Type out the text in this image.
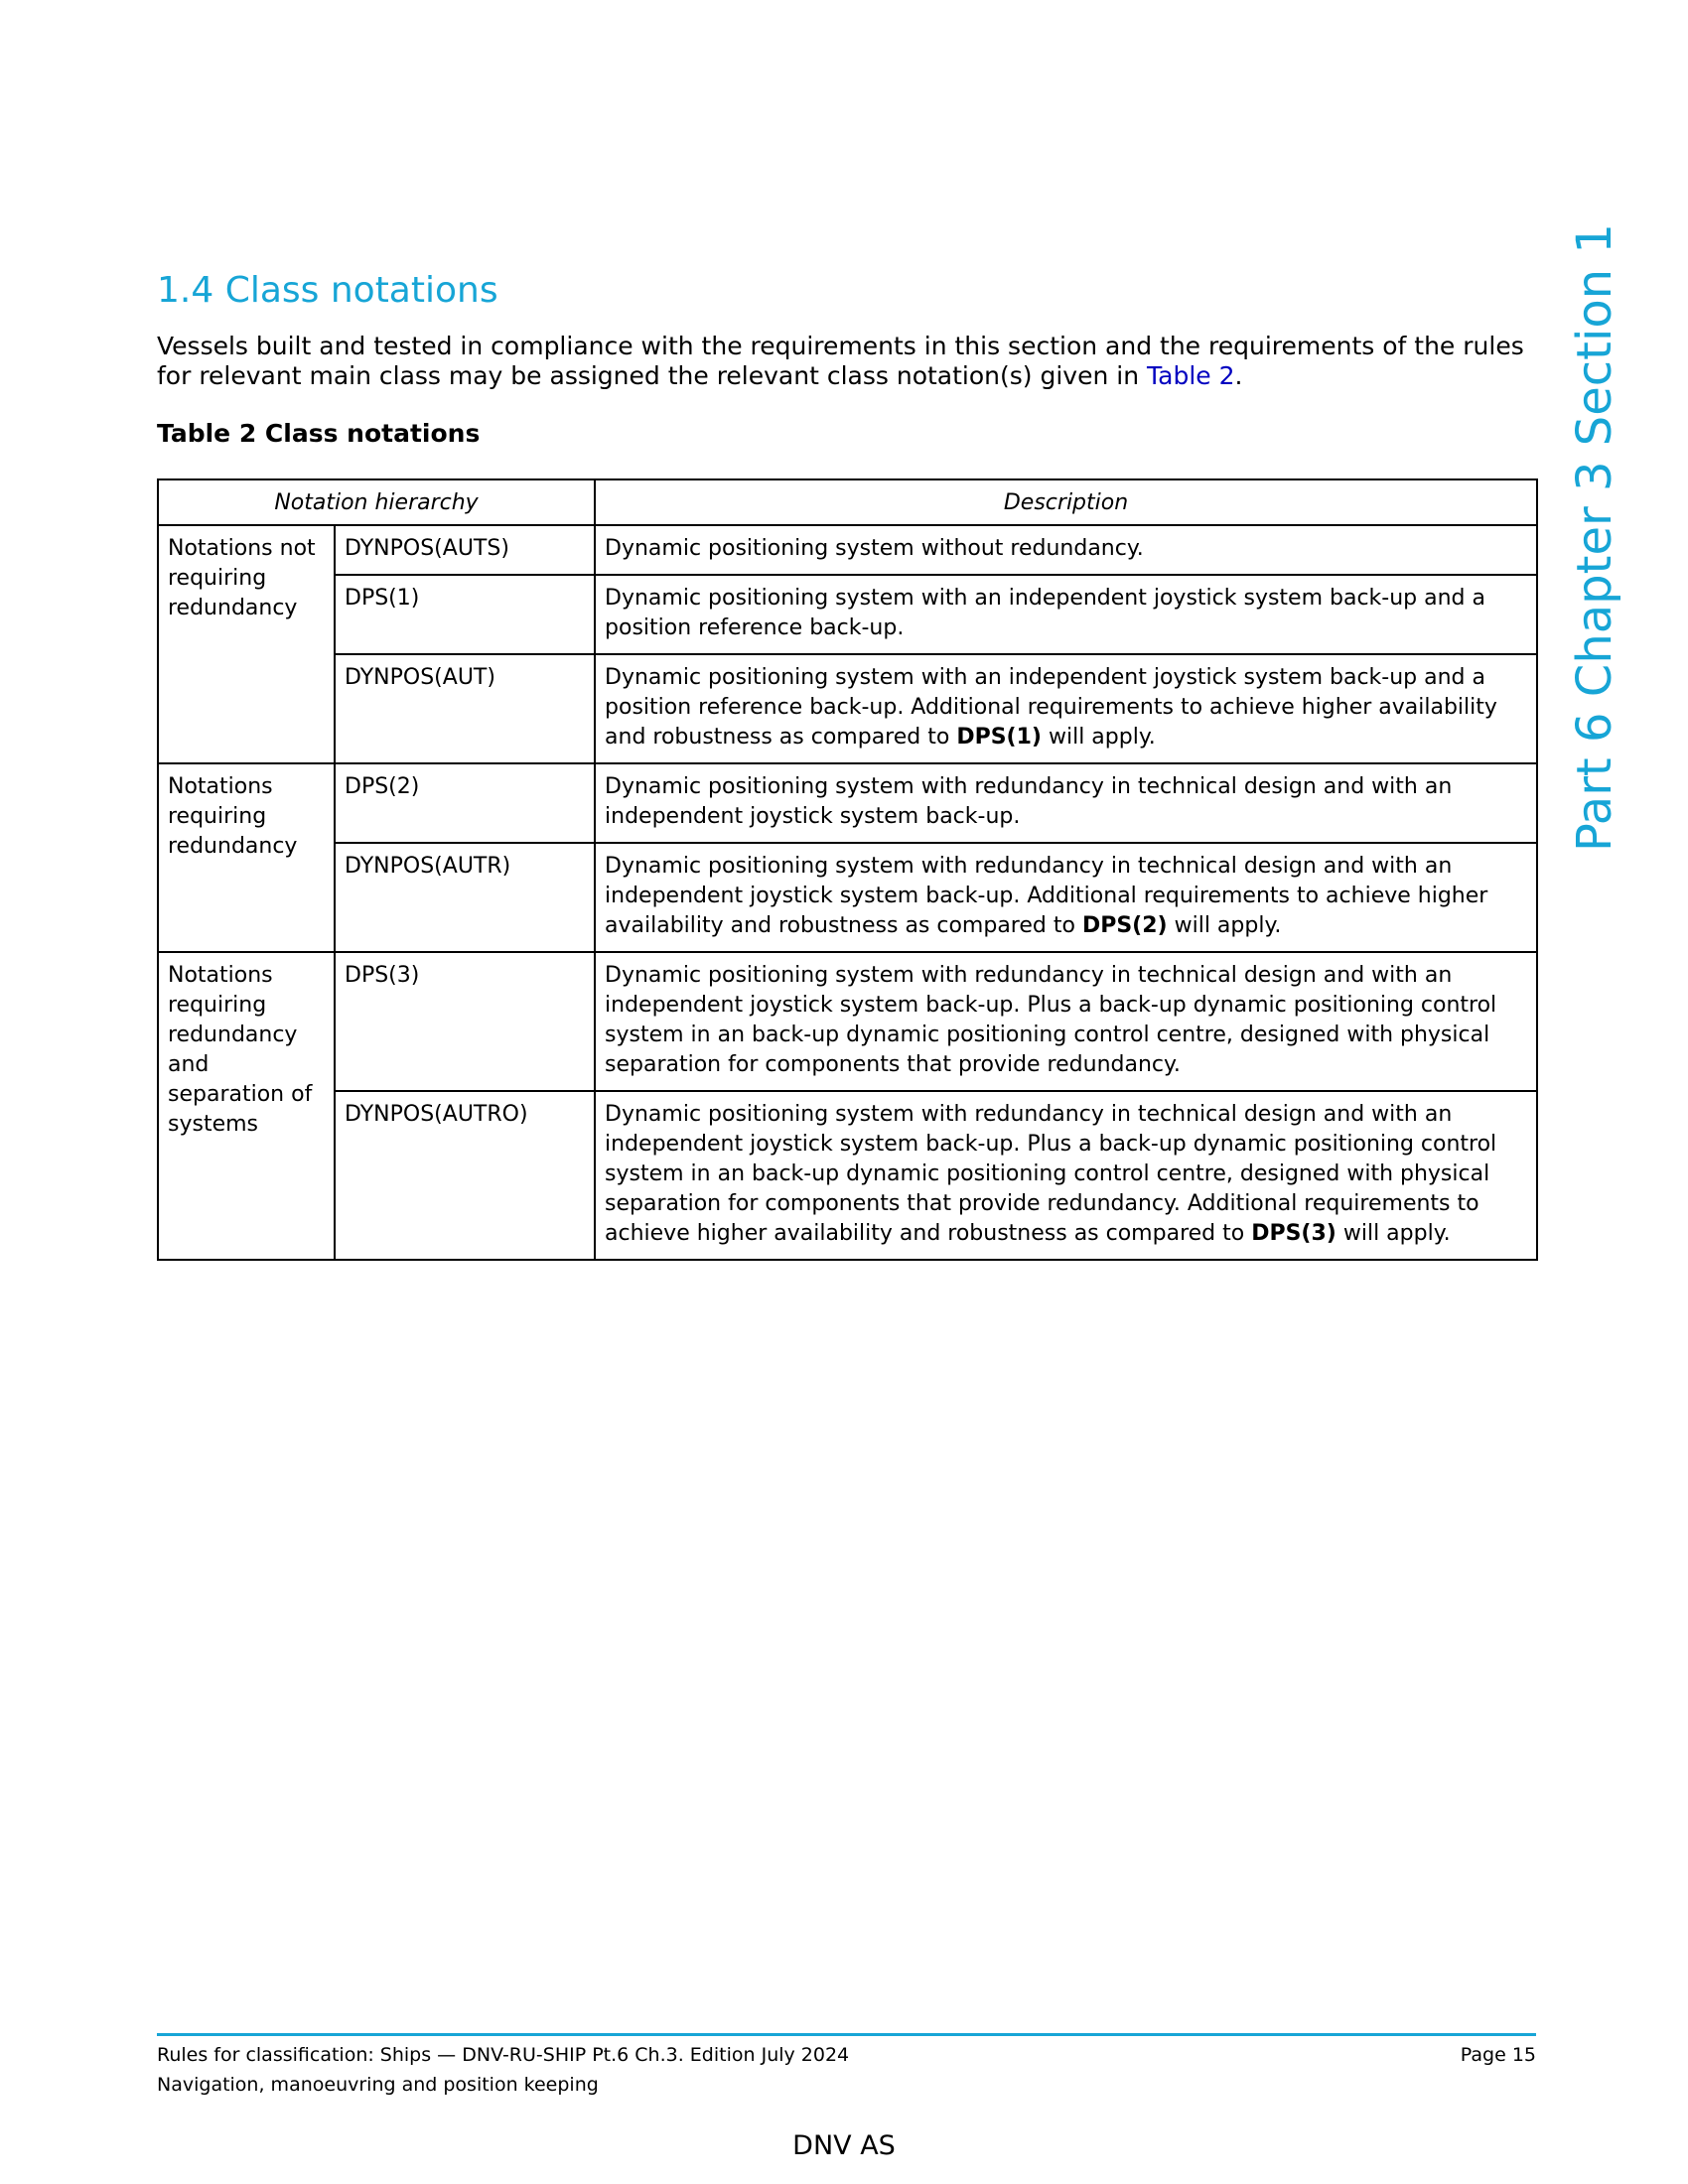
1.4 Class notations

Vessels built and tested in compliance with the requirements in this section and the requirements of the rules for relevant main class may be assigned the relevant class notation(s) given in Table 2.

Table 2 Class notations

Notation hierarchy		Description
Notations not requiring redundancy	DYNPOS(AUTS)	Dynamic positioning system without redundancy.
	DPS(1)	Dynamic positioning system with an independent joystick system back-up and a position reference back-up.
	DYNPOS(AUT)	Dynamic positioning system with an independent joystick system back-up and a position reference back-up. Additional requirements to achieve higher availability and robustness as compared to DPS(1) will apply.
Notations requiring redundancy	DPS(2)	Dynamic positioning system with redundancy in technical design and with an independent joystick system back-up.
	DYNPOS(AUTR)	Dynamic positioning system with redundancy in technical design and with an independent joystick system back-up. Additional requirements to achieve higher availability and robustness as compared to DPS(2) will apply.
Notations requiring redundancy and separation of systems	DPS(3)	Dynamic positioning system with redundancy in technical design and with an independent joystick system back-up. Plus a back-up dynamic positioning control system in an back-up dynamic positioning control centre, designed with physical separation for components that provide redundancy.
	DYNPOS(AUTRO)	Dynamic positioning system with redundancy in technical design and with an independent joystick system back-up. Plus a back-up dynamic positioning control system in an back-up dynamic positioning control centre, designed with physical separation for components that provide redundancy. Additional requirements to achieve higher availability and robustness as compared to DPS(3) will apply.
Part 6 Chapter 3 Section 1
Rules for classification: Ships — DNV-RU-SHIP Pt.6 Ch.3. Edition July 2024
Navigation, manoeuvring and position keeping
Page 15
DNV AS
